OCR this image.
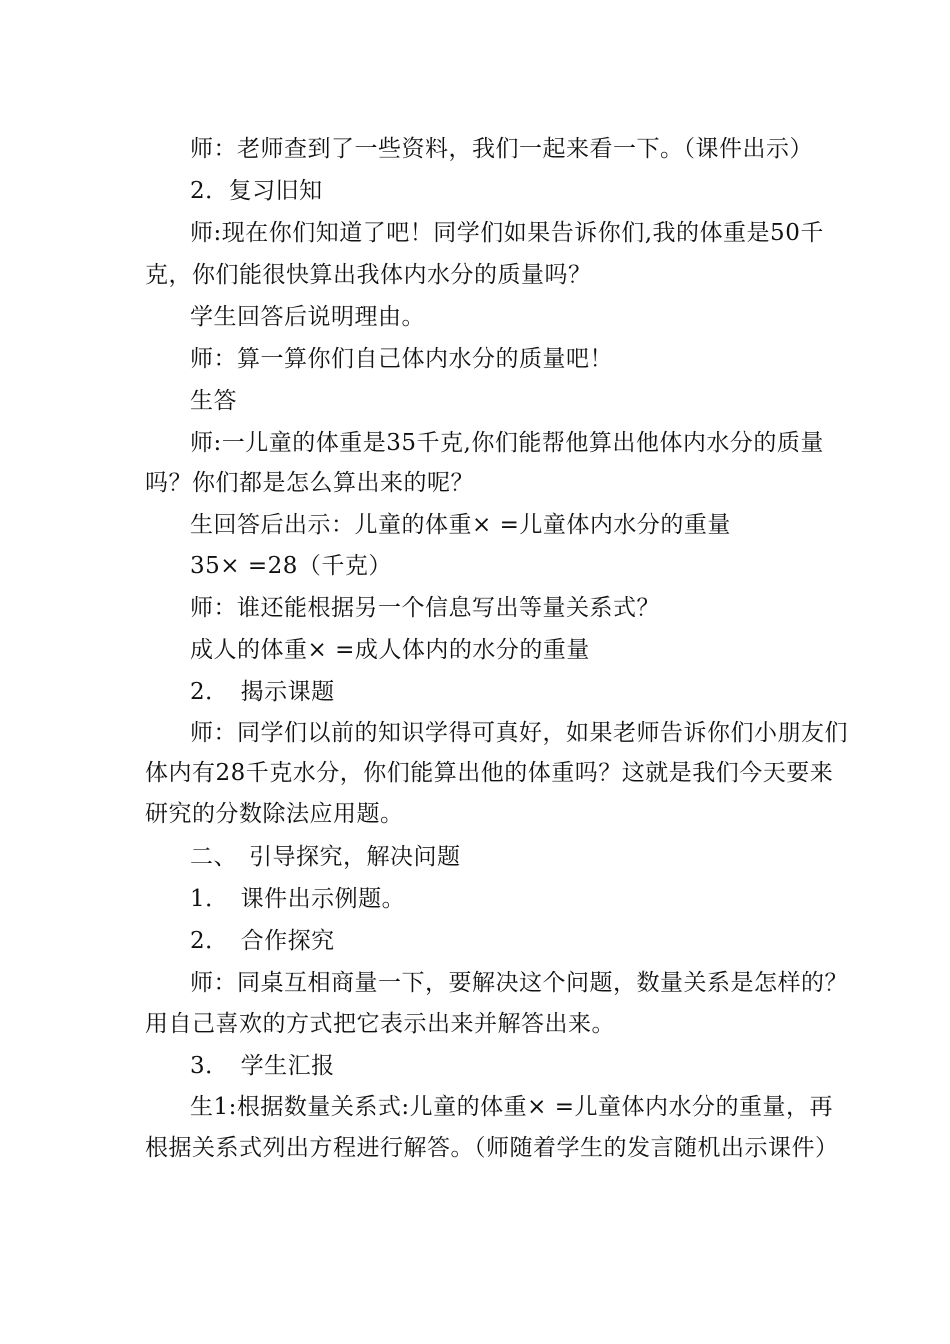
师：老师查到了一些资料，我们一起来看一下。（课件出示）
2．复习旧知
师:现在你们知道了吧！同学们如果告诉你们,我的体重是50千
克，你们能很快算出我体内水分的质量吗？
学生回答后说明理由。
师：算一算你们自己体内水分的质量吧！
生答
师:一儿童的体重是35千克,你们能帮他算出他体内水分的质量
吗？你们都是怎么算出来的呢？
生回答后出示：儿童的体重× =儿童体内水分的重量
35× =28（千克）
师：谁还能根据另一个信息写出等量关系式？
成人的体重× =成人体内的水分的重量
2．　揭示课题
师：同学们以前的知识学得可真好，如果老师告诉你们小朋友们
体内有28千克水分，你们能算出他的体重吗？这就是我们今天要来
研究的分数除法应用题。
二、　引导探究，解决问题
1．　课件出示例题。
2．　合作探究
师：同桌互相商量一下，要解决这个问题，数量关系是怎样的？
用自己喜欢的方式把它表示出来并解答出来。
3．　学生汇报
生1:根据数量关系式:儿童的体重× =儿童体内水分的重量，再
根据关系式列出方程进行解答。（师随着学生的发言随机出示课件）
